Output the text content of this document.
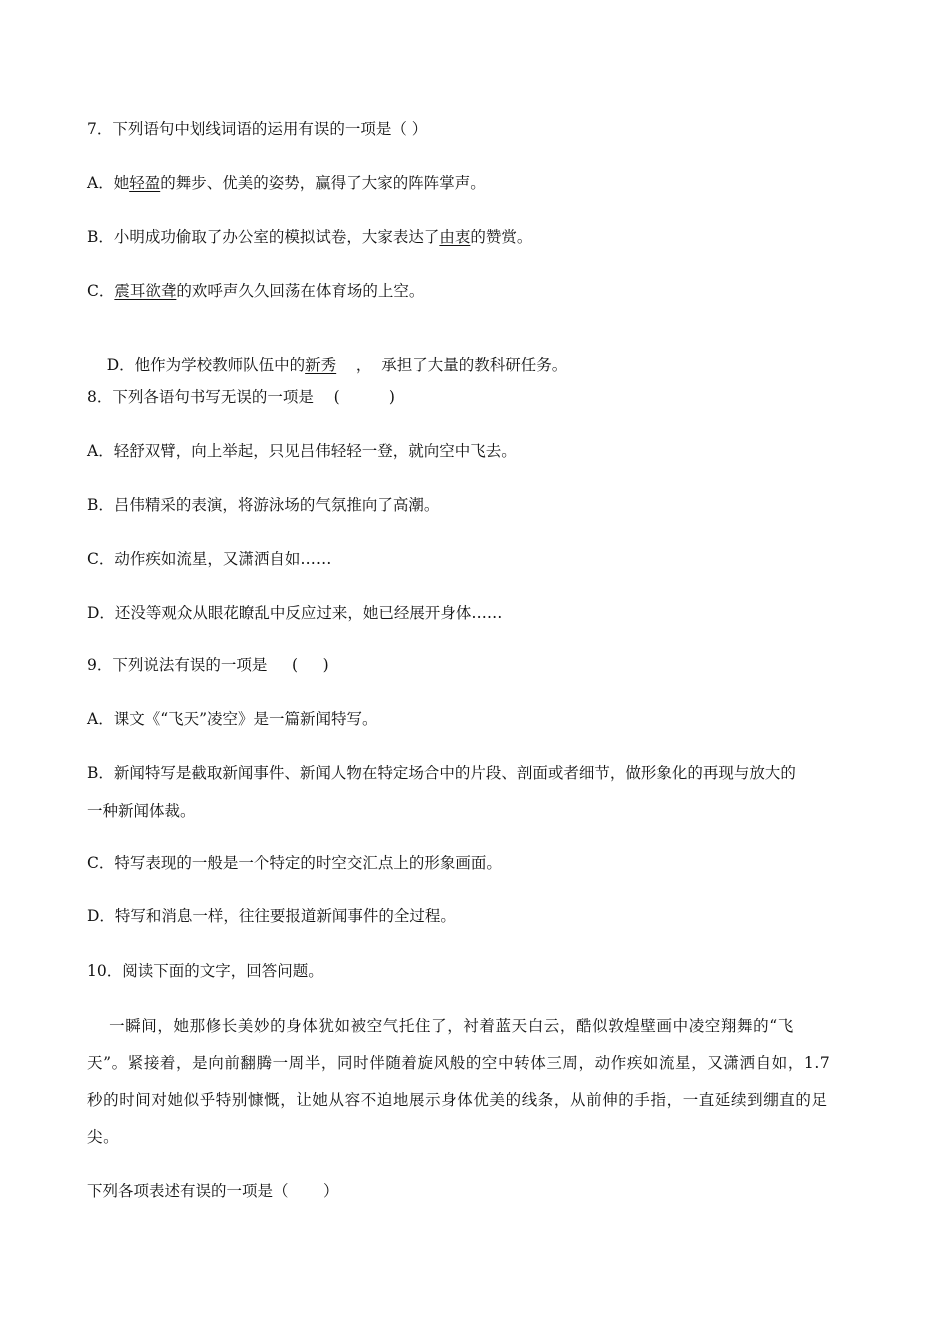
7．下列语句中划线词语的运用有误的一项是（ ）
A．她轻盈的舞步、优美的姿势，赢得了大家的阵阵掌声。
B．小明成功偷取了办公室的模拟试卷，大家表达了由衷的赞赏。
C．震耳欲聋的欢呼声久久回荡在体育场的上空。

D．他作为学校教师队伍中的新秀    ，  承担了大量的教科研任务。

8．下列各语句书写无误的一项是    (          )
A．轻舒双臂，向上举起，只见吕伟轻轻一登，就向空中飞去。
B．吕伟精采的表演，将游泳场的气氛推向了高潮。
C．动作疾如流星，又潇洒自如……
D．还没等观众从眼花瞭乱中反应过来，她已经展开身体……
9．下列说法有误的一项是     (     )
A．课文《“飞天”凌空》是一篇新闻特写。
B．新闻特写是截取新闻事件、新闻人物在特定场合中的片段、剖面或者细节，做形象化的再现与放大的
一种新闻体裁。
C．特写表现的一般是一个特定的时空交汇点上的形象画面。
D．特写和消息一样，往往要报道新闻事件的全过程。
10．阅读下面的文字，回答问题。
一瞬间，她那修长美妙的身体犹如被空气托住了，衬着蓝天白云，酷似敦煌壁画中凌空翔舞的“飞
天”。紧接着，是向前翻腾一周半，同时伴随着旋风般的空中转体三周，动作疾如流星，又潇洒自如，1.7
秒的时间对她似乎特别慷慨，让她从容不迫地展示身体优美的线条，从前伸的手指，一直延续到绷直的足
尖。
下列各项表述有误的一项是（       ）
